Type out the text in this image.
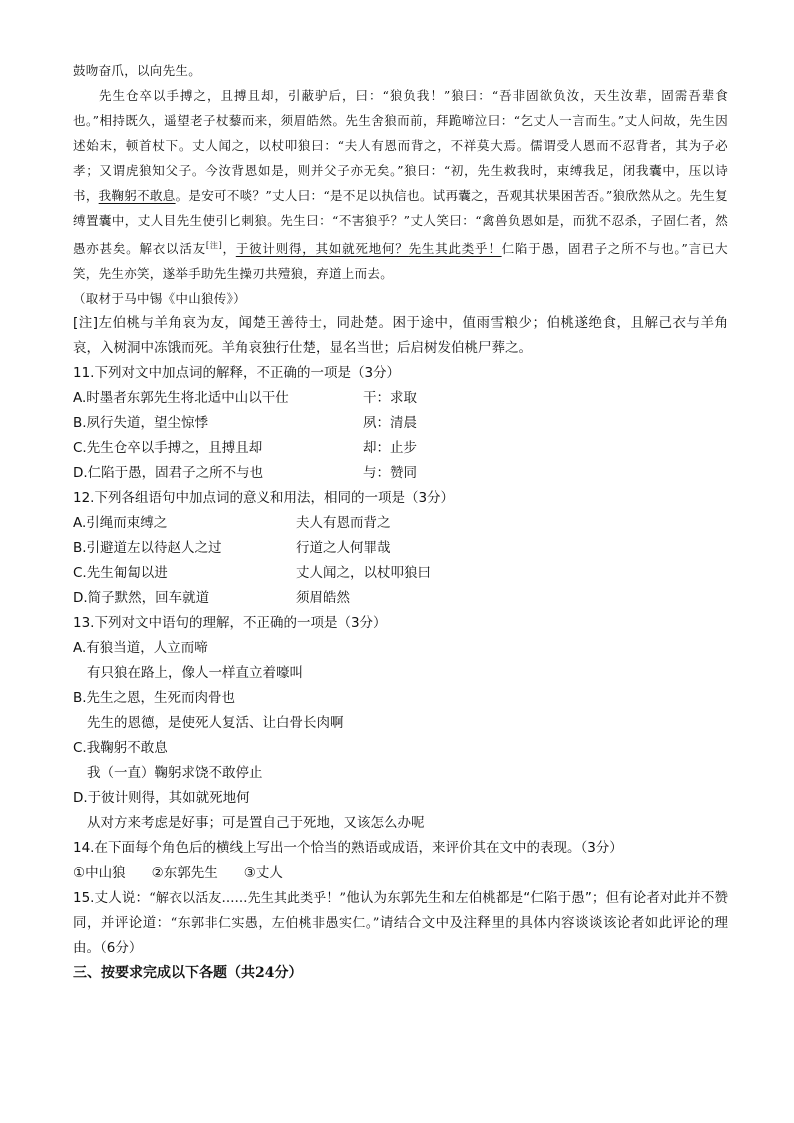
鼓吻奋爪，以向先生。

先生仓卒以手搏之，且搏且却，引蔽驴后，曰：“狼负我！”狼曰：“吾非固欲负汝，天生汝辈，固需吾辈食也。”相持既久，遥望老子杖藜而来，须眉皓然。先生舍狼而前，拜跪啼泣曰：“乞丈人一言而生。”丈人问故，先生因述始末，顿首杖下。丈人闻之，以杖叩狼曰：“夫人有恩而背之，不祥莫大焉。儒谓受人恩而不忍背者，其为子必孝；又谓虎狼知父子。今汝背恩如是，则并父子亦无矣。”狼曰：“初，先生救我时，束缚我足，闭我囊中，压以诗书，我鞠躬不敢息。是安可不啖？”丈人曰：“是不足以执信也。试再囊之，吾观其状果困苦否。”狼欣然从之。先生复缚置囊中，丈人目先生使引匕刺狼。先生曰：“不害狼乎？”丈人笑曰：“禽兽负恩如是，而犹不忍杀，子固仁者，然愚亦甚矣。解衣以活友[注]，于彼计则得，其如就死地何？先生其此类乎！仁陷于愚，固君子之所不与也。”言已大笑，先生亦笑，遂举手助先生操刃共殪狼，弃道上而去。

（取材于马中锡《中山狼传》）

[注]左伯桃与羊角哀为友，闻楚王善待士，同赴楚。困于途中，值雨雪粮少；伯桃遂绝食，且解己衣与羊角哀，入树洞中冻饿而死。羊角哀独行仕楚，显名当世；后启树发伯桃尸葬之。

11.下列对文中加点词的解释，不正确的一项是（3分）

A.时墨者东郭先生将北适中山以干仕	干：求取
B.夙行失道，望尘惊悸	夙：清晨
C.先生仓卒以手搏之，且搏且却	却：止步
D.仁陷于愚，固君子之所不与也	与：赞同

12.下列各组语句中加点词的意义和用法，相同的一项是（3分）

A.引绳而束缚之	夫人有恩而背之
B.引避道左以待赵人之过	行道之人何罪哉
C.先生匍匐以进	丈人闻之，以杖叩狼曰
D.简子默然，回车就道	须眉皓然

13.下列对文中语句的理解，不正确的一项是（3分）

A.有狼当道，人立而啼

有只狼在路上，像人一样直立着嚎叫

B.先生之恩，生死而肉骨也

先生的恩德，是使死人复活、让白骨长肉啊

C.我鞠躬不敢息

我（一直）鞠躬求饶不敢停止

D.于彼计则得，其如就死地何

从对方来考虑是好事；可是置自己于死地，又该怎么办呢

14.在下面每个角色后的横线上写出一个恰当的熟语或成语，来评价其在文中的表现。（3分）

①中山狼 ②东郭先生 ③丈人

15.丈人说：“解衣以活友……先生其此类乎！”他认为东郭先生和左伯桃都是“仁陷于愚”；但有论者对此并不赞同，并评论道：“东郭非仁实愚，左伯桃非愚实仁。”请结合文中及注释里的具体内容谈谈该论者如此评论的理由。（6分）

三、按要求完成以下各题（共24分）
